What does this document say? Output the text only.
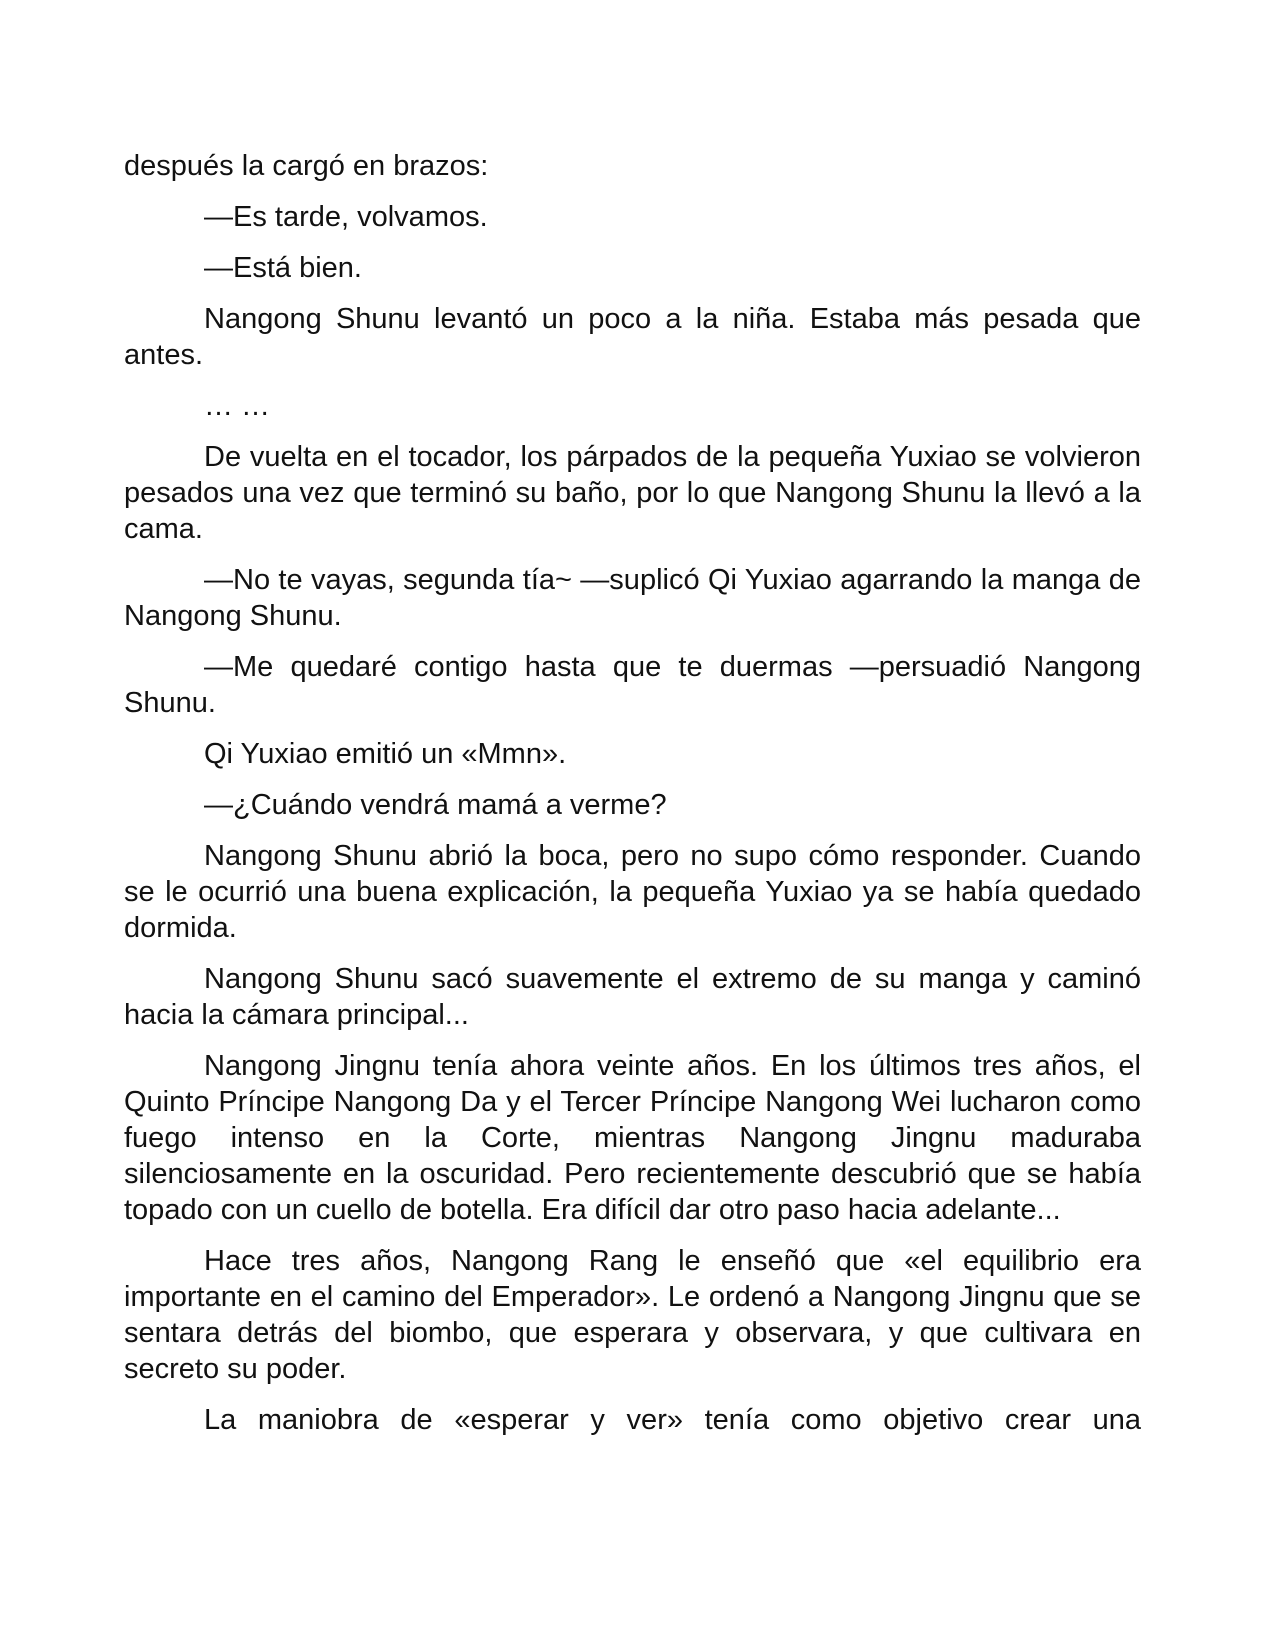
después la cargó en brazos:

—Es tarde, volvamos.

—Está bien.

Nangong Shunu levantó un poco a la niña. Estaba más pesada que antes.

… …

De vuelta en el tocador, los párpados de la pequeña Yuxiao se volvieron pesados una vez que terminó su baño, por lo que Nangong Shunu la llevó a la cama.

—No te vayas, segunda tía~ —suplicó Qi Yuxiao agarrando la manga de Nangong Shunu.

—Me quedaré contigo hasta que te duermas —persuadió Nangong Shunu.

Qi Yuxiao emitió un «Mmn».

—¿Cuándo vendrá mamá a verme?

Nangong Shunu abrió la boca, pero no supo cómo responder. Cuando se le ocurrió una buena explicación, la pequeña Yuxiao ya se había quedado dormida.

Nangong Shunu sacó suavemente el extremo de su manga y caminó hacia la cámara principal...

Nangong Jingnu tenía ahora veinte años. En los últimos tres años, el Quinto Príncipe Nangong Da y el Tercer Príncipe Nangong Wei lucharon como fuego intenso en la Corte, mientras Nangong Jingnu maduraba silenciosamente en la oscuridad. Pero recientemente descubrió que se había topado con un cuello de botella. Era difícil dar otro paso hacia adelante...

Hace tres años, Nangong Rang le enseñó que «el equilibrio era importante en el camino del Emperador». Le ordenó a Nangong Jingnu que se sentara detrás del biombo, que esperara y observara, y que cultivara en secreto su poder.

La maniobra de «esperar y ver» tenía como objetivo crear una
